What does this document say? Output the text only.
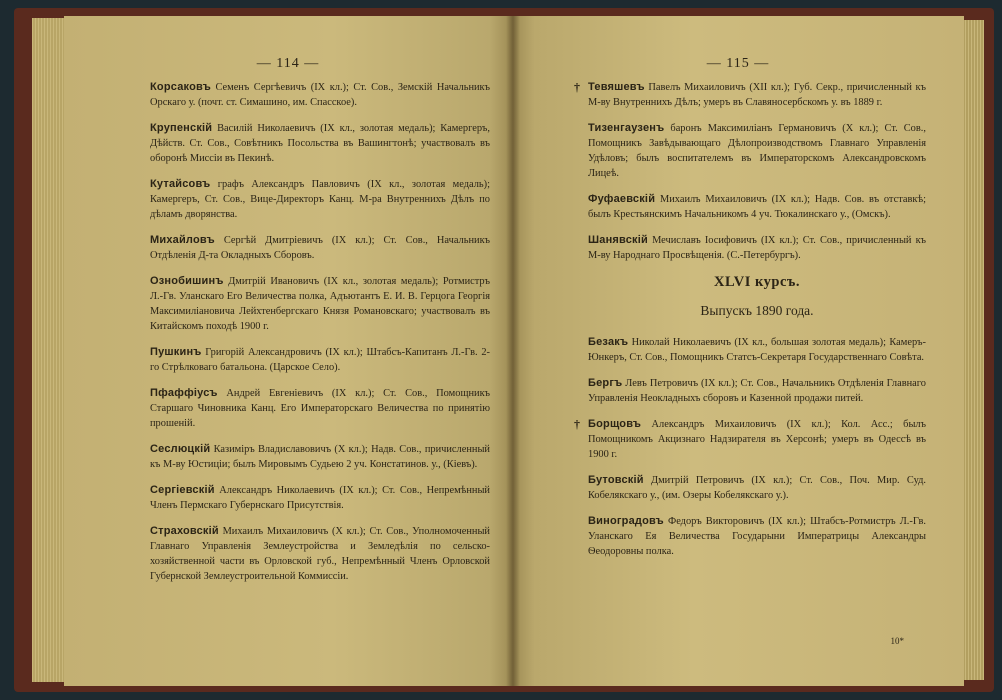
— 114 —
Корсаковъ Семенъ Сергѣевичъ (IX кл.); Ст. Сов., Земскій Начальникъ Орскаго у. (почт. ст. Симашино, им. Спасское).
Крупенскій Василій Николаевичъ (IX кл., золотая медаль); Камергеръ, Дѣйств. Ст. Сов., Совѣтникъ Посольства въ Вашингтонѣ; участвовалъ въ оборонѣ Миссіи въ Пекинѣ.
Кутайсовъ графъ Александръ Павловичъ (IX кл., золотая медаль); Камергеръ, Ст. Сов., Вице-Директоръ Канц. М-ра Внутреннихъ Дѣлъ по дѣламъ дворянства.
Михайловъ Сергѣй Дмитріевичъ (IX кл.); Ст. Сов., Начальникъ Отдѣленія Д-та Окладныхъ Сборовъ.
Ознобишинъ Дмитрій Ивановичъ (IX кл., золотая медаль); Ротмистръ Л.-Гв. Уланскаго Его Величества полка, Адъютантъ Е. И. В. Герцога Георгія Максимиліановича Лейхтенбергскаго Князя Романовскаго; участвовалъ въ Китайскомъ походѣ 1900 г.
Пушкинъ Григорій Александровичъ (IX кл.); Штабсъ-Капитанъ Л.-Гв. 2-го Стрѣлковаго батальона. (Царское Село).
Пфаффіусъ Андрей Евгеніевичъ (IX кл.); Ст. Сов., Помощникъ Старшаго Чиновника Канц. Его Императорскаго Величества по принятію прошеній.
Сеслюцкій Казиміръ Владиславовичъ (X кл.); Надв. Сов., причисленный къ М-ву Юстиціи; былъ Мировымъ Судьею 2 уч. Констатинов. у., (Кіевъ).
Сергіевскій Александръ Николаевичъ (IX кл.); Ст. Сов., Непремѣнный Членъ Пермскаго Губернскаго Присутствія.
Страховскій Михаилъ Михаиловичъ (X кл.); Ст. Сов., Уполномоченный Главнаго Управленія Землеустройства и Земледѣлія по сельско-хозяйственной части въ Орловской губ., Непремѣнный Членъ Орловской Губернской Землеустроительной Коммиссіи.
— 115 —
† Тевяшевъ Павелъ Михаиловичъ (XII кл.); Губ. Секр., причисленный къ М-ву Внутреннихъ Дѣлъ; умеръ въ Славяносербскомъ у. въ 1889 г.
Тизенгаузенъ баронъ Максимиліанъ Германовичъ (X кл.); Ст. Сов., Помощникъ Завѣдывающаго Дѣлопроизводствомъ Главнаго Управленія Удѣловъ; былъ воспитателемъ въ Императорскомъ Александровскомъ Лицеѣ.
Фуфаевскій Михаилъ Михаиловичъ (IX кл.); Надв. Сов. въ отставкѣ; былъ Крестьянскимъ Начальникомъ 4 уч. Тюкалинскаго у., (Омскъ).
Шанявскій Мечиславъ Іосифовичъ (IX кл.); Ст. Сов., причисленный къ М-ву Народнаго Просвѣщенія. (С.-Петербургъ).
XLVI курсъ.
Выпускъ 1890 года.
Безакъ Николай Николаевичъ (IX кл., большая золотая медаль); Камеръ-Юнкеръ, Ст. Сов., Помощникъ Статсъ-Секретаря Государственнаго Совѣта.
Бергъ Левъ Петровичъ (IX кл.); Ст. Сов., Начальникъ Отдѣленія Главнаго Управленія Неокладныхъ сборовъ и Казенной продажи питей.
† Борщовъ Александръ Михаиловичъ (IX кл.); Кол. Асс.; былъ Помощникомъ Акцизнаго Надзирателя въ Херсонѣ; умеръ въ Одессѣ въ 1900 г.
Бутовскій Дмитрій Петровичъ (IX кл.); Ст. Сов., Поч. Мир. Суд. Кобелякскаго у., (им. Озеры Кобелякскаго у.).
Виноградовъ Федоръ Викторовичъ (IX кл.); Штабсъ-Ротмистръ Л.-Гв. Уланскаго Ея Величества Государыни Императрицы Александры Ѳеодоровны полка.
10*
